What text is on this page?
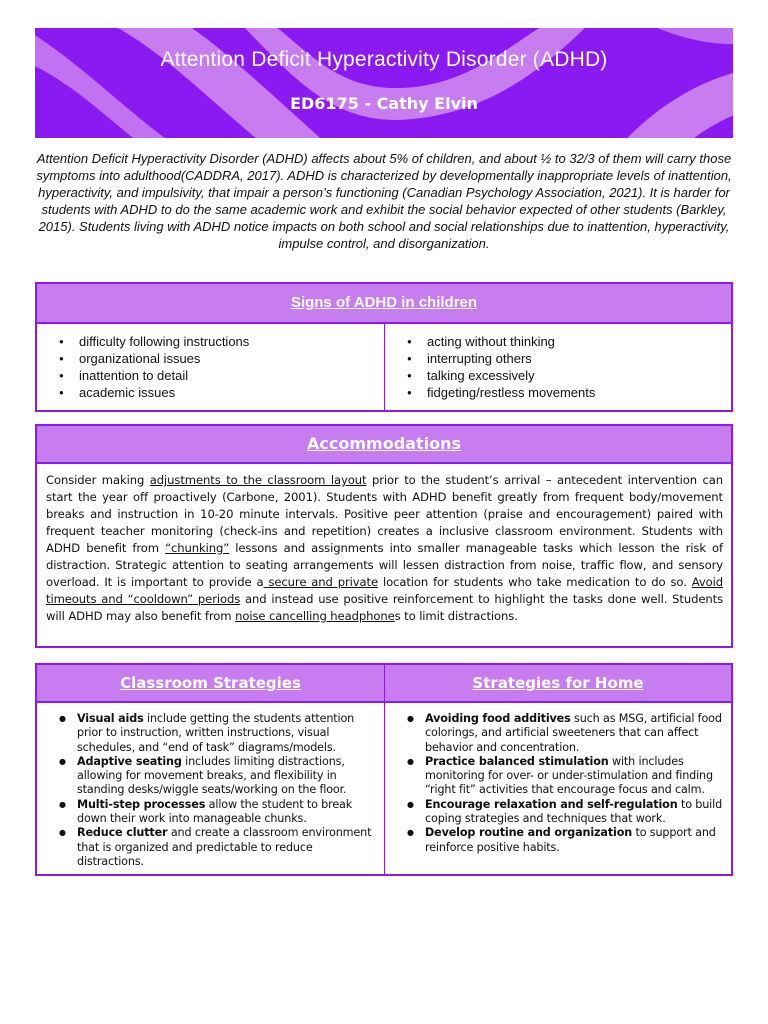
Attention Deficit Hyperactivity Disorder (ADHD)
ED6175 - Cathy Elvin

Attention Deficit Hyperactivity Disorder (ADHD) affects about 5% of children, and about ½ to 32/3 of them will carry those symptoms into adulthood(CADDRA, 2017). ADHD is characterized by developmentally inappropriate levels of inattention, hyperactivity, and impulsivity, that impair a person’s functioning (Canadian Psychology Association, 2021). It is harder for students with ADHD to do the same academic work and exhibit the social behavior expected of other students (Barkley, 2015). Students living with ADHD notice impacts on both school and social relationships due to inattention, hyperactivity, impulse control, and disorganization.

Signs of ADHD in children
● difficulty following instructions
● organizational issues
● inattention to detail
● academic issues
● acting without thinking
● interrupting others
● talking excessively
● fidgeting/restless movements
Accommodations

Consider making adjustments to the classroom layout prior to the student’s arrival – antecedent intervention can start the year off proactively (Carbone, 2001). Students with ADHD benefit greatly from frequent body/movement breaks and instruction in 10-20 minute intervals. Positive peer attention (praise and encouragement) paired with frequent teacher monitoring (check-ins and repetition) creates a inclusive classroom environment. Students with ADHD benefit from “chunking” lessons and assignments into smaller manageable tasks which lesson the risk of distraction. Strategic attention to seating arrangements will lessen distraction from noise, traffic flow, and sensory overload. It is important to provide a secure and private location for students who take medication to do so. Avoid timeouts and “cooldown” periods and instead use positive reinforcement to highlight the tasks done well. Students will ADHD may also benefit from noise cancelling headphones to limit distractions.

Classroom Strategies	Strategies for Home
● Visual aids include getting the students attention prior to instruction, written instructions, visual schedules, and “end of task” diagrams/models.
● Adaptive seating includes limiting distractions, allowing for movement breaks, and flexibility in standing desks/wiggle seats/working on the floor.
● Multi-step processes allow the student to break down their work into manageable chunks.
● Reduce clutter and create a classroom environment that is organized and predictable to reduce distractions.
● Avoiding food additives such as MSG, artificial food colorings, and artificial sweeteners that can affect behavior and concentration.
● Practice balanced stimulation with includes monitoring for over- or under-stimulation and finding “right fit” activities that encourage focus and calm.
● Encourage relaxation and self-regulation to build coping strategies and techniques that work.
● Develop routine and organization to support and reinforce positive habits.
